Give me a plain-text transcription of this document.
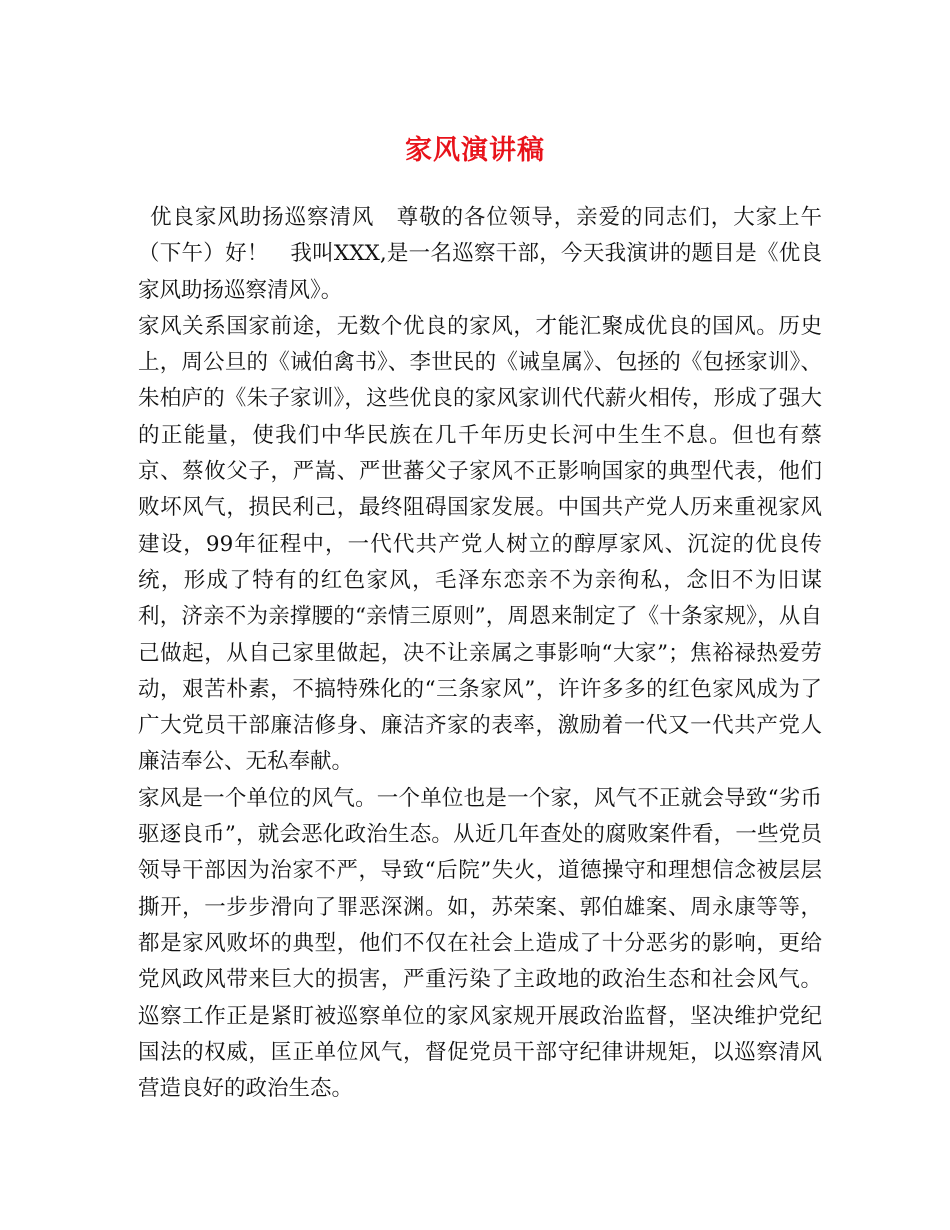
家风演讲稿

优良家风助扬巡察清风　尊敬的各位领导，亲爱的同志们，大家上午（下午）好！　我叫XXX,是一名巡察干部，今天我演讲的题目是《优良家风助扬巡察清风》。

家风关系国家前途，无数个优良的家风，才能汇聚成优良的国风。历史上，周公旦的《诫伯禽书》、李世民的《诫皇属》、包拯的《包拯家训》、朱柏庐的《朱子家训》，这些优良的家风家训代代薪火相传，形成了强大的正能量，使我们中华民族在几千年历史长河中生生不息。但也有蔡京、蔡攸父子，严嵩、严世蕃父子家风不正影响国家的典型代表，他们败坏风气，损民利己，最终阻碍国家发展。中国共产党人历来重视家风建设，99年征程中，一代代共产党人树立的醇厚家风、沉淀的优良传统，形成了特有的红色家风，毛泽东恋亲不为亲徇私，念旧不为旧谋利，济亲不为亲撑腰的“亲情三原则”，周恩来制定了《十条家规》，从自己做起，从自己家里做起，决不让亲属之事影响“大家”；焦裕禄热爱劳动，艰苦朴素，不搞特殊化的“三条家风”，许许多多的红色家风成为了广大党员干部廉洁修身、廉洁齐家的表率，激励着一代又一代共产党人廉洁奉公、无私奉献。

家风是一个单位的风气。一个单位也是一个家，风气不正就会导致“劣币驱逐良币”，就会恶化政治生态。从近几年查处的腐败案件看，一些党员领导干部因为治家不严，导致“后院”失火，道德操守和理想信念被层层撕开，一步步滑向了罪恶深渊。如，苏荣案、郭伯雄案、周永康等等，都是家风败坏的典型，他们不仅在社会上造成了十分恶劣的影响，更给党风政风带来巨大的损害，严重污染了主政地的政治生态和社会风气。巡察工作正是紧盯被巡察单位的家风家规开展政治监督，坚决维护党纪国法的权威，匡正单位风气，督促党员干部守纪律讲规矩，以巡察清风营造良好的政治生态。
